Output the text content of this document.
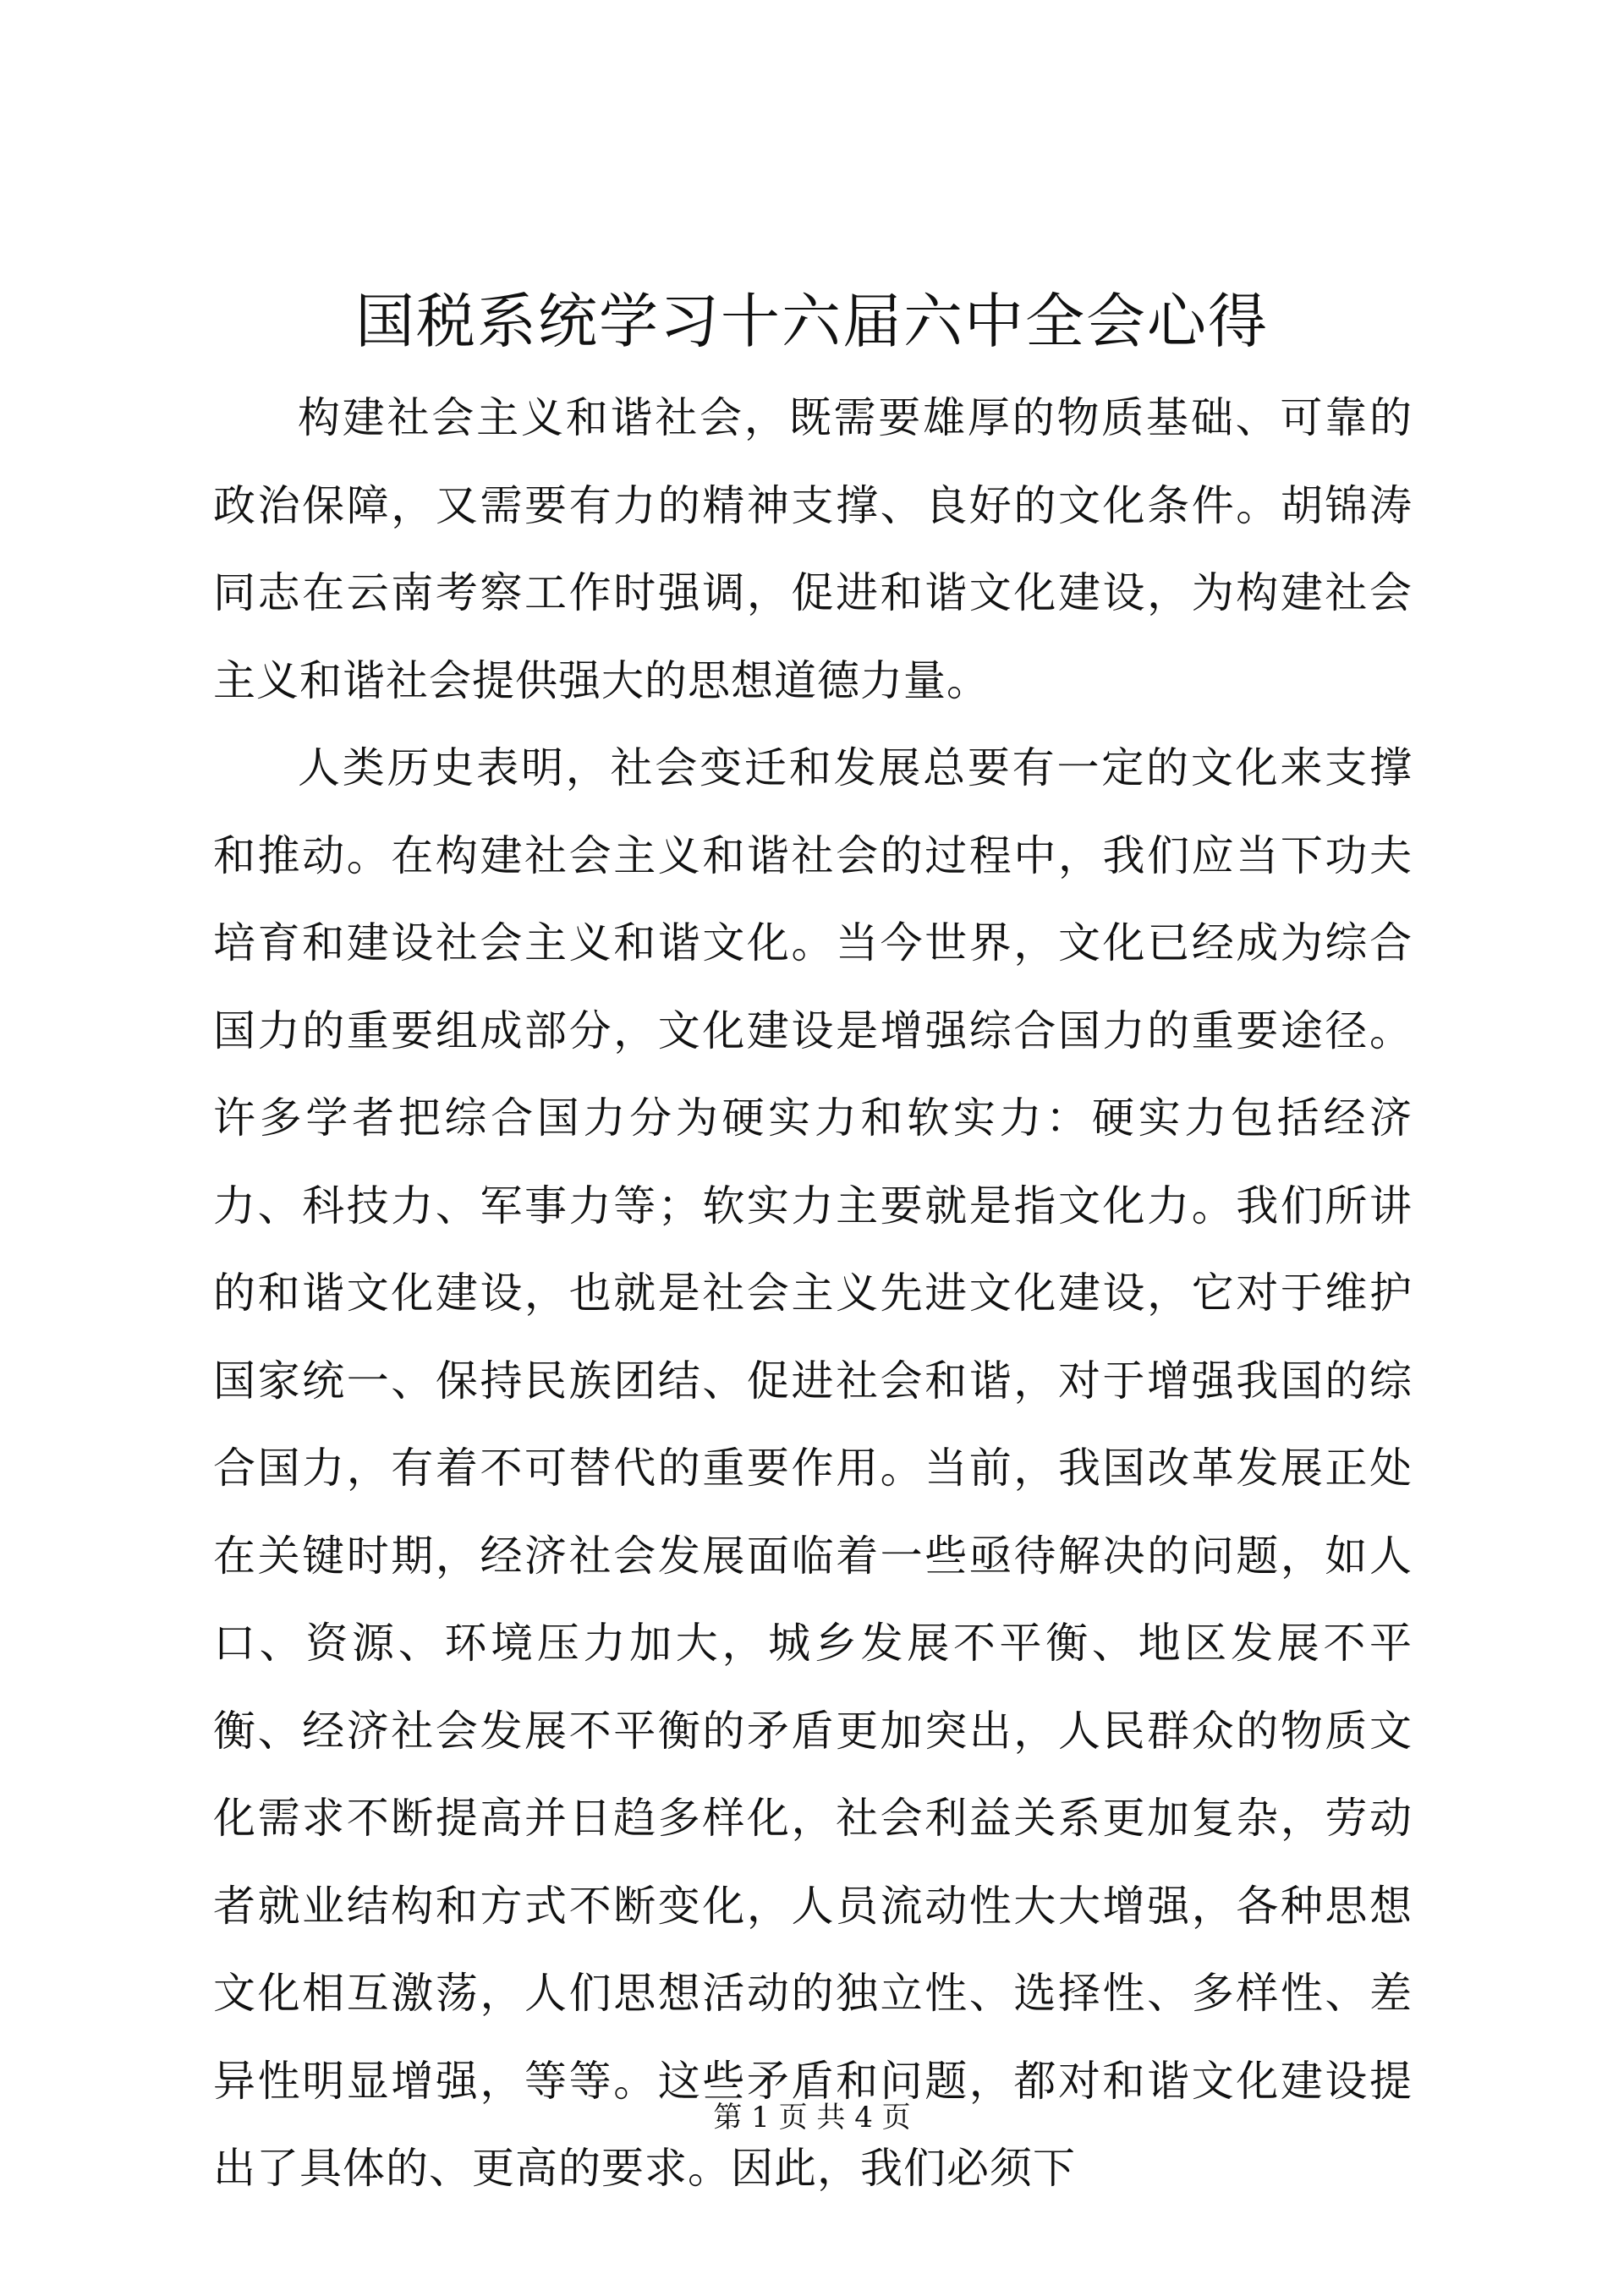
国税系统学习十六届六中全会心得

构建社会主义和谐社会，既需要雄厚的物质基础、可靠的政治保障，又需要有力的精神支撑、良好的文化条件。胡锦涛同志在云南考察工作时强调，促进和谐文化建设，为构建社会主义和谐社会提供强大的思想道德力量。

人类历史表明，社会变迁和发展总要有一定的文化来支撑和推动。在构建社会主义和谐社会的过程中，我们应当下功夫培育和建设社会主义和谐文化。当今世界，文化已经成为综合国力的重要组成部分，文化建设是增强综合国力的重要途径。许多学者把综合国力分为硬实力和软实力：硬实力包括经济力、科技力、军事力等；软实力主要就是指文化力。我们所讲的和谐文化建设，也就是社会主义先进文化建设，它对于维护国家统一、保持民族团结、促进社会和谐，对于增强我国的综合国力，有着不可替代的重要作用。当前，我国改革发展正处在关键时期，经济社会发展面临着一些亟待解决的问题，如人口、资源、环境压力加大，城乡发展不平衡、地区发展不平衡、经济社会发展不平衡的矛盾更加突出，人民群众的物质文化需求不断提高并日趋多样化，社会利益关系更加复杂，劳动者就业结构和方式不断变化，人员流动性大大增强，各种思想文化相互激荡，人们思想活动的独立性、选择性、多样性、差异性明显增强，等等。这些矛盾和问题，都对和谐文化建设提出了具体的、更高的要求。因此，我们必须下

第 1 页 共 4 页
